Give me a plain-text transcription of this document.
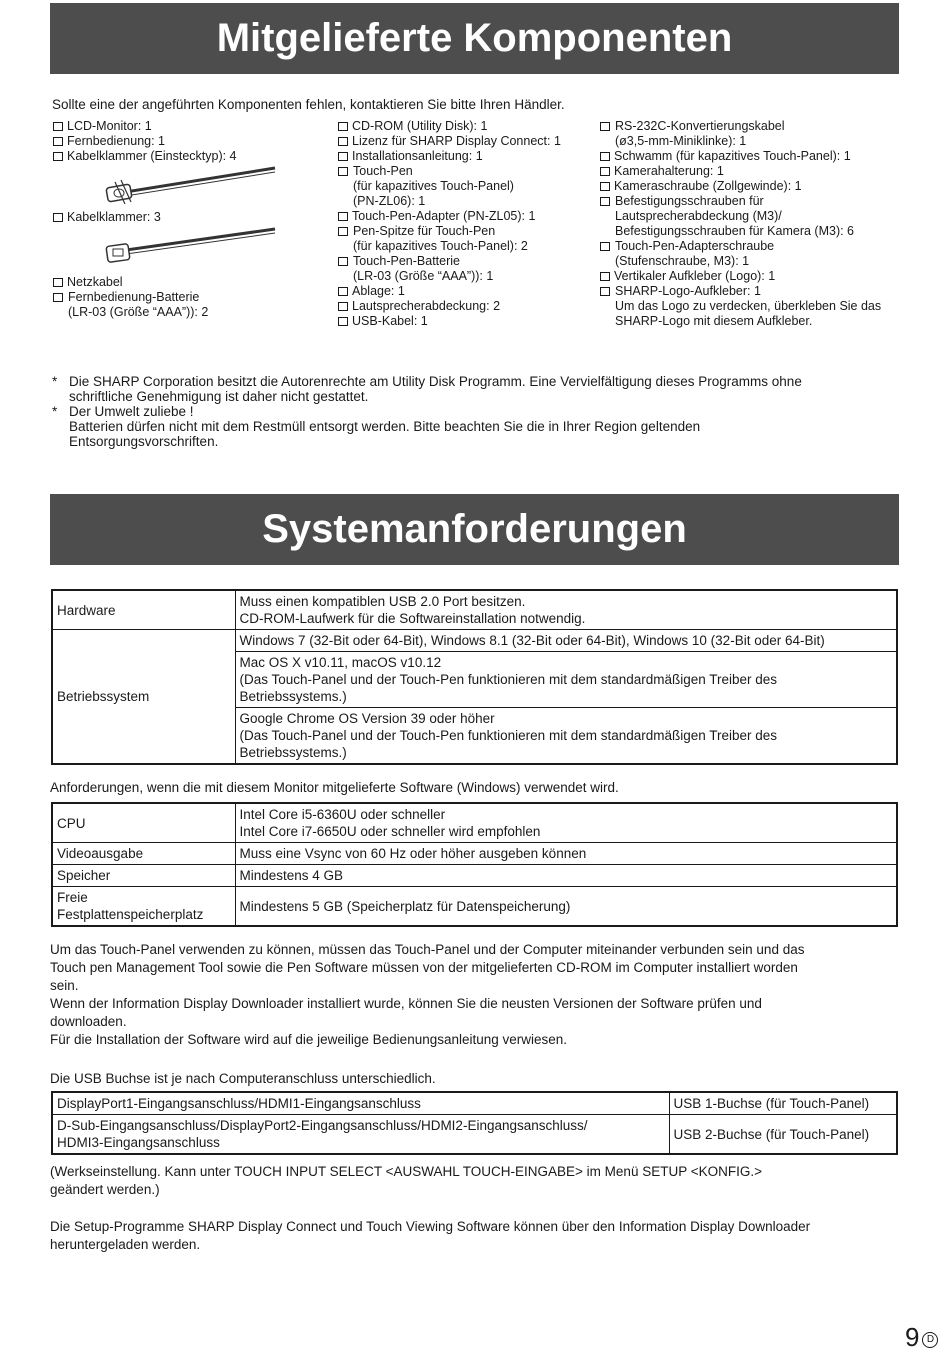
Mitgelieferte Komponenten
Sollte eine der angeführten Komponenten fehlen, kontaktieren Sie bitte Ihren Händler.
LCD-Monitor: 1
Fernbedienung: 1
Kabelklammer (Einstecktyp): 4
Kabelklammer: 3
Netzkabel
Fernbedienung-Batterie
(LR-03 (Größe “AAA”)): 2
CD-ROM (Utility Disk): 1
Lizenz für SHARP Display Connect: 1
Installationsanleitung: 1
Touch-Pen
(für kapazitives Touch-Panel)
(PN-ZL06): 1
Touch-Pen-Adapter (PN-ZL05): 1
Pen-Spitze für Touch-Pen
(für kapazitives Touch-Panel): 2
Touch-Pen-Batterie
(LR-03 (Größe “AAA”)): 1
Ablage: 1
Lautsprecherabdeckung: 2
USB-Kabel: 1
RS-232C-Konvertierungskabel
(ø3,5-mm-Miniklinke): 1
Schwamm (für kapazitives Touch-Panel): 1
Kamerahalterung: 1
Kameraschraube (Zollgewinde): 1
Befestigungsschrauben für
Lautsprecherabdeckung (M3)/
Befestigungsschrauben für Kamera (M3): 6
Touch-Pen-Adapterschraube
(Stufenschraube, M3): 1
Vertikaler Aufkleber (Logo): 1
SHARP-Logo-Aufkleber: 1
Um das Logo zu verdecken, überkleben Sie das
SHARP-Logo mit diesem Aufkleber.
* Die SHARP Corporation besitzt die Autorenrechte am Utility Disk Programm. Eine Vervielfältigung dieses Programms ohne
schriftliche Genehmigung ist daher nicht gestattet.
* Der Umwelt zuliebe !
Batterien dürfen nicht mit dem Restmüll entsorgt werden. Bitte beachten Sie die in Ihrer Region geltenden
Entsorgungsvorschriften.
Systemanforderungen
Hardware	Muss einen kompatiblen USB 2.0 Port besitzen.
CD-ROM-Laufwerk für die Softwareinstallation notwendig.

Betriebssystem	Windows 7 (32-Bit oder 64-Bit), Windows 8.1 (32-Bit oder 64-Bit), Windows 10 (32-Bit oder 64-Bit)

	Mac OS X v10.11, macOS v10.12
(Das Touch-Panel und der Touch-Pen funktionieren mit dem standardmäßigen Treiber des
Betriebssystems.)

	Google Chrome OS Version 39 oder höher
(Das Touch-Panel und der Touch-Pen funktionieren mit dem standardmäßigen Treiber des
Betriebssystems.)
Anforderungen, wenn die mit diesem Monitor mitgelieferte Software (Windows) verwendet wird.
CPU	Intel Core i5-6360U oder schneller
Intel Core i7-6650U oder schneller wird empfohlen

Videoausgabe	Muss eine Vsync von 60 Hz oder höher ausgeben können
Speicher	Mindestens 4 GB

Freie
Festplattenspeicherplatz	Mindestens 5 GB (Speicherplatz für Datenspeicherung)
Um das Touch-Panel verwenden zu können, müssen das Touch-Panel und der Computer miteinander verbunden sein und das
Touch pen Management Tool sowie die Pen Software müssen von der mitgelieferten CD-ROM im Computer installiert worden
sein.
Wenn der Information Display Downloader installiert wurde, können Sie die neusten Versionen der Software prüfen und
downloaden.
Für die Installation der Software wird auf die jeweilige Bedienungsanleitung verwiesen.
Die USB Buchse ist je nach Computeranschluss unterschiedlich.
DisplayPort1-Eingangsanschluss/HDMI1-Eingangsanschluss	USB 1-Buchse (für Touch-Panel)

D-Sub-Eingangsanschluss/DisplayPort2-Eingangsanschluss/HDMI2-Eingangsanschluss/
HDMI3-Eingangsanschluss	USB 2-Buchse (für Touch-Panel)
(Werkseinstellung. Kann unter TOUCH INPUT SELECT <AUSWAHL TOUCH-EINGABE> im Menü SETUP <KONFIG.>
geändert werden.)
Die Setup-Programme SHARP Display Connect und Touch Viewing Software können über den Information Display Downloader
heruntergeladen werden.
9 D
